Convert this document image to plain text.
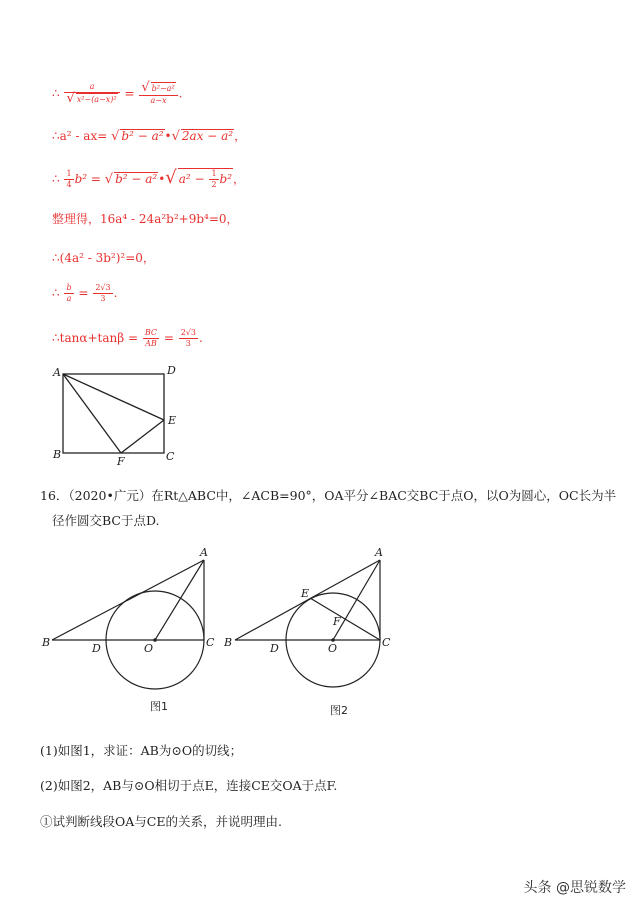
∴ $\frac{a}{\text{√ x²−(a−x)²}} = \frac{\text{√ b²−a²}}{a-x}$ .
∴a² - ax= √ b² − a²•√ 2ax − a²，
∴ $\frac{1}{4} b^2$ = √ b² − a²•√ $a^2 - \frac{1}{2} b^2$，
整理得，16a⁴ - 24a²b²+9b⁴=0，
∴(4a² - 3b²)²=0，
∴ $\frac{b}{a} = \frac{2√3}{3}$ .
∴tanα+tanβ = $\frac{BC}{AB} = \frac{2√3}{3}$ .
A	D
E
B	C
F
16．（2020•广元）在Rt△ABC中，∠ACB=90°，OA平分∠BAC交BC于点O，以O为圆心，OC长为半
径作圆交BC于点D.
A
B	C
D	O
图1
A
B	C
D	O
E
F
图2
(1)如图1，求证：AB为⊙O的切线；
(2)如图2，AB与⊙O相切于点E，连接CE交OA于点F.
①试判断线段OA与CE的关系，并说明理由.
头条 @思锐数学
